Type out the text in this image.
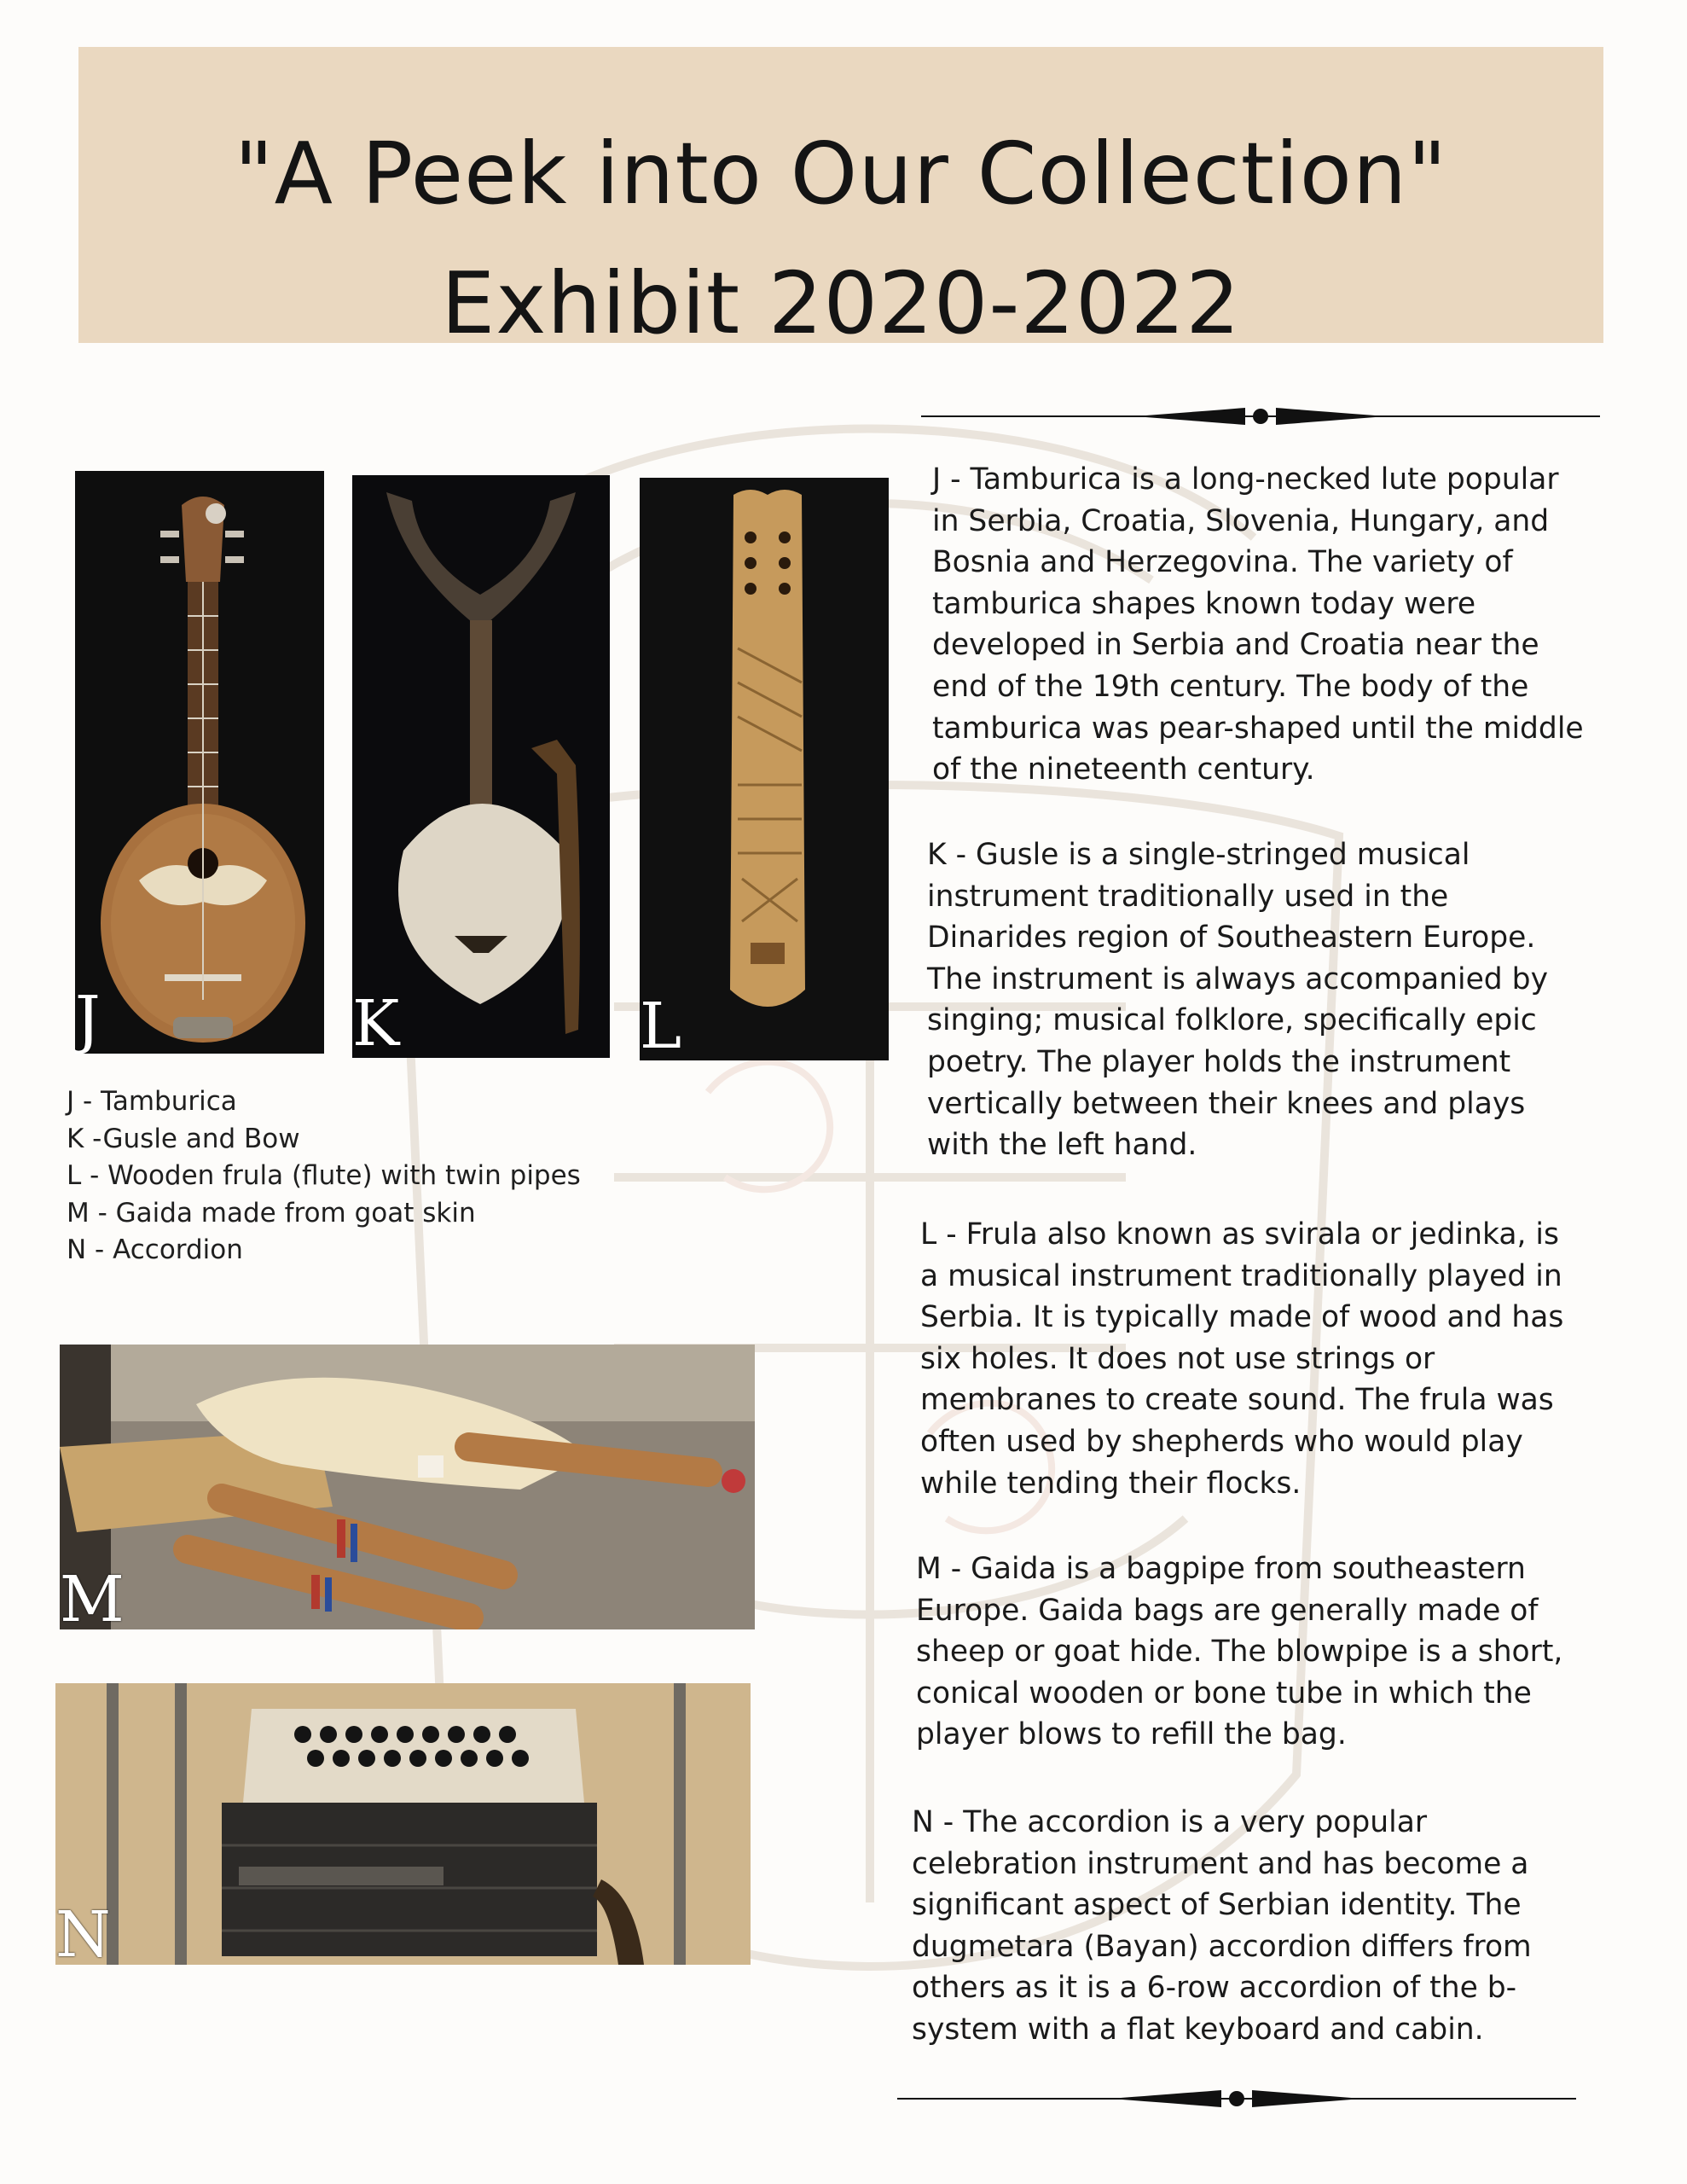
"A Peek into Our Collection"
Exhibit 2020-2022
J	K	L
J - Tamburica
K -Gusle and Bow
L - Wooden frula (flute) with twin pipes
M - Gaida made from goat skin
N - Accordion
M
N
J - Tamburica is a long-necked lute popular
in Serbia, Croatia, Slovenia, Hungary, and
Bosnia and Herzegovina. The variety of
tamburica shapes known today were
developed in Serbia and Croatia near the
end of the 19th century. The body of the
tamburica was pear-shaped until the middle
of the nineteenth century.
K - Gusle is a single-stringed musical
instrument traditionally used in the
Dinarides region of Southeastern Europe.
The instrument is always accompanied by
singing; musical folklore, specifically epic
poetry. The player holds the instrument
vertically between their knees and plays
with the left hand.
L - Frula also known as svirala or jedinka, is
a musical instrument traditionally played in
Serbia. It is typically made of wood and has
six holes. It does not use strings or
membranes to create sound. The frula was
often used by shepherds who would play
while tending their flocks.
M - Gaida is a bagpipe from southeastern
Europe. Gaida bags are generally made of
sheep or goat hide. The blowpipe is a short,
conical wooden or bone tube in which the
player blows to refill the bag.
N - The accordion is a very popular
celebration instrument and has become a
significant aspect of Serbian identity. The
dugmetara (Bayan) accordion differs from
others as it is a 6-row accordion of the b-
system with a flat keyboard and cabin.
